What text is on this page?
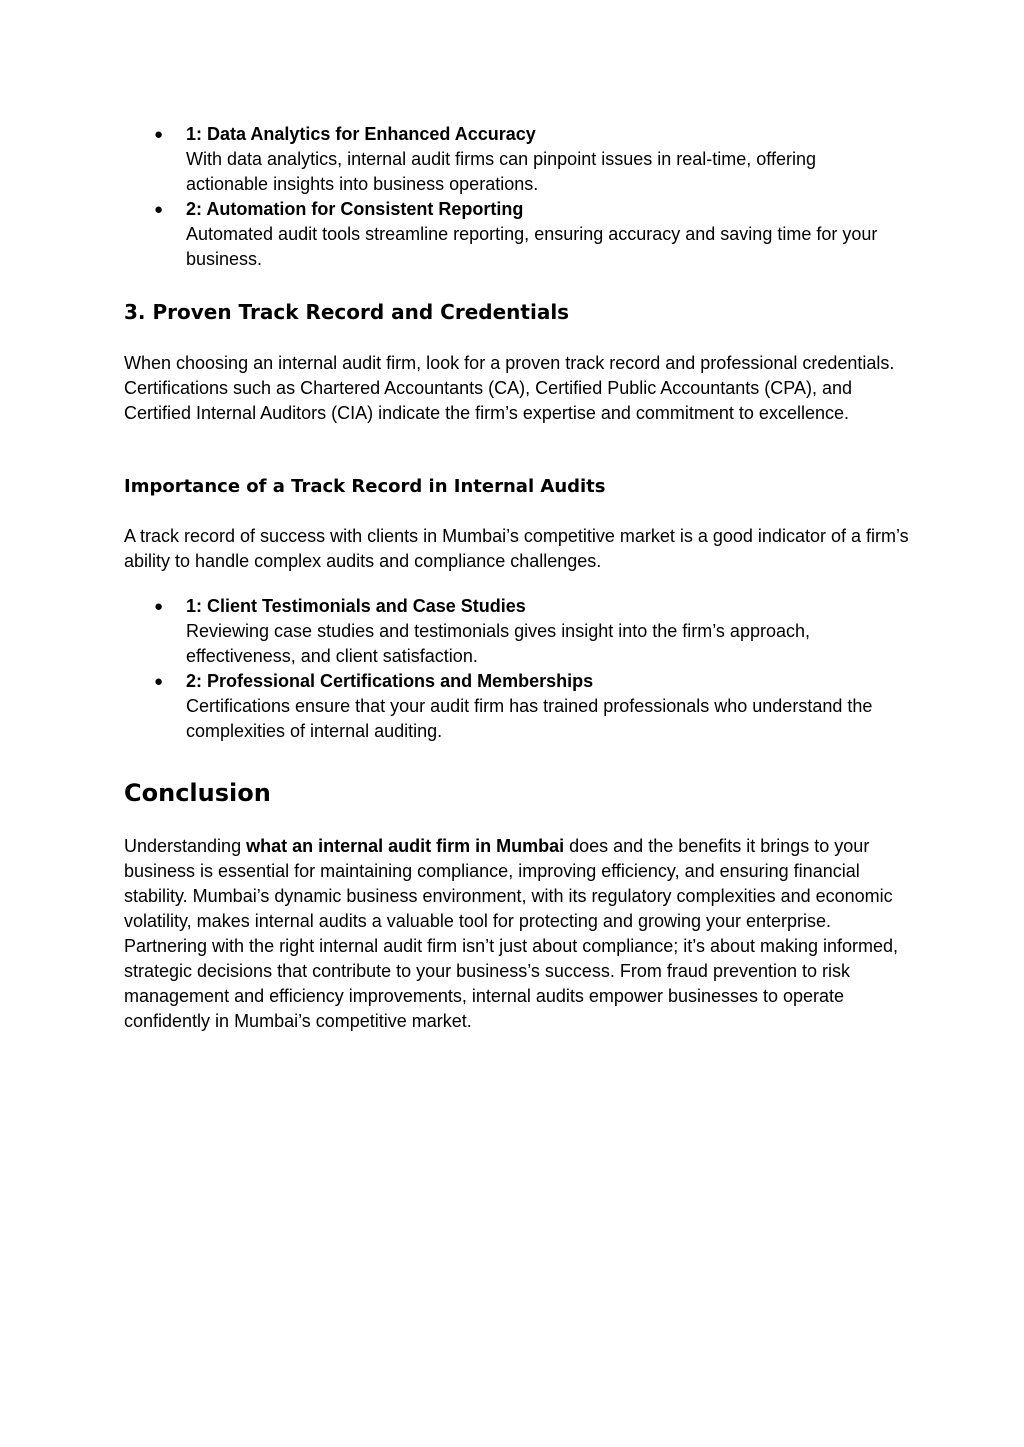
● 1: Data Analytics for Enhanced Accuracy
With data analytics, internal audit firms can pinpoint issues in real-time, offering actionable insights into business operations.
● 2: Automation for Consistent Reporting
Automated audit tools streamline reporting, ensuring accuracy and saving time for your business.
3. Proven Track Record and Credentials

When choosing an internal audit firm, look for a proven track record and professional credentials. Certifications such as Chartered Accountants (CA), Certified Public Accountants (CPA), and Certified Internal Auditors (CIA) indicate the firm’s expertise and commitment to excellence.

Importance of a Track Record in Internal Audits

A track record of success with clients in Mumbai’s competitive market is a good indicator of a firm’s ability to handle complex audits and compliance challenges.

● 1: Client Testimonials and Case Studies
Reviewing case studies and testimonials gives insight into the firm’s approach, effectiveness, and client satisfaction.
● 2: Professional Certifications and Memberships
Certifications ensure that your audit firm has trained professionals who understand the complexities of internal auditing.
Conclusion

Understanding what an internal audit firm in Mumbai does and the benefits it brings to your business is essential for maintaining compliance, improving efficiency, and ensuring financial stability. Mumbai’s dynamic business environment, with its regulatory complexities and economic volatility, makes internal audits a valuable tool for protecting and growing your enterprise. Partnering with the right internal audit firm isn’t just about compliance; it’s about making informed, strategic decisions that contribute to your business’s success. From fraud prevention to risk management and efficiency improvements, internal audits empower businesses to operate confidently in Mumbai’s competitive market.
